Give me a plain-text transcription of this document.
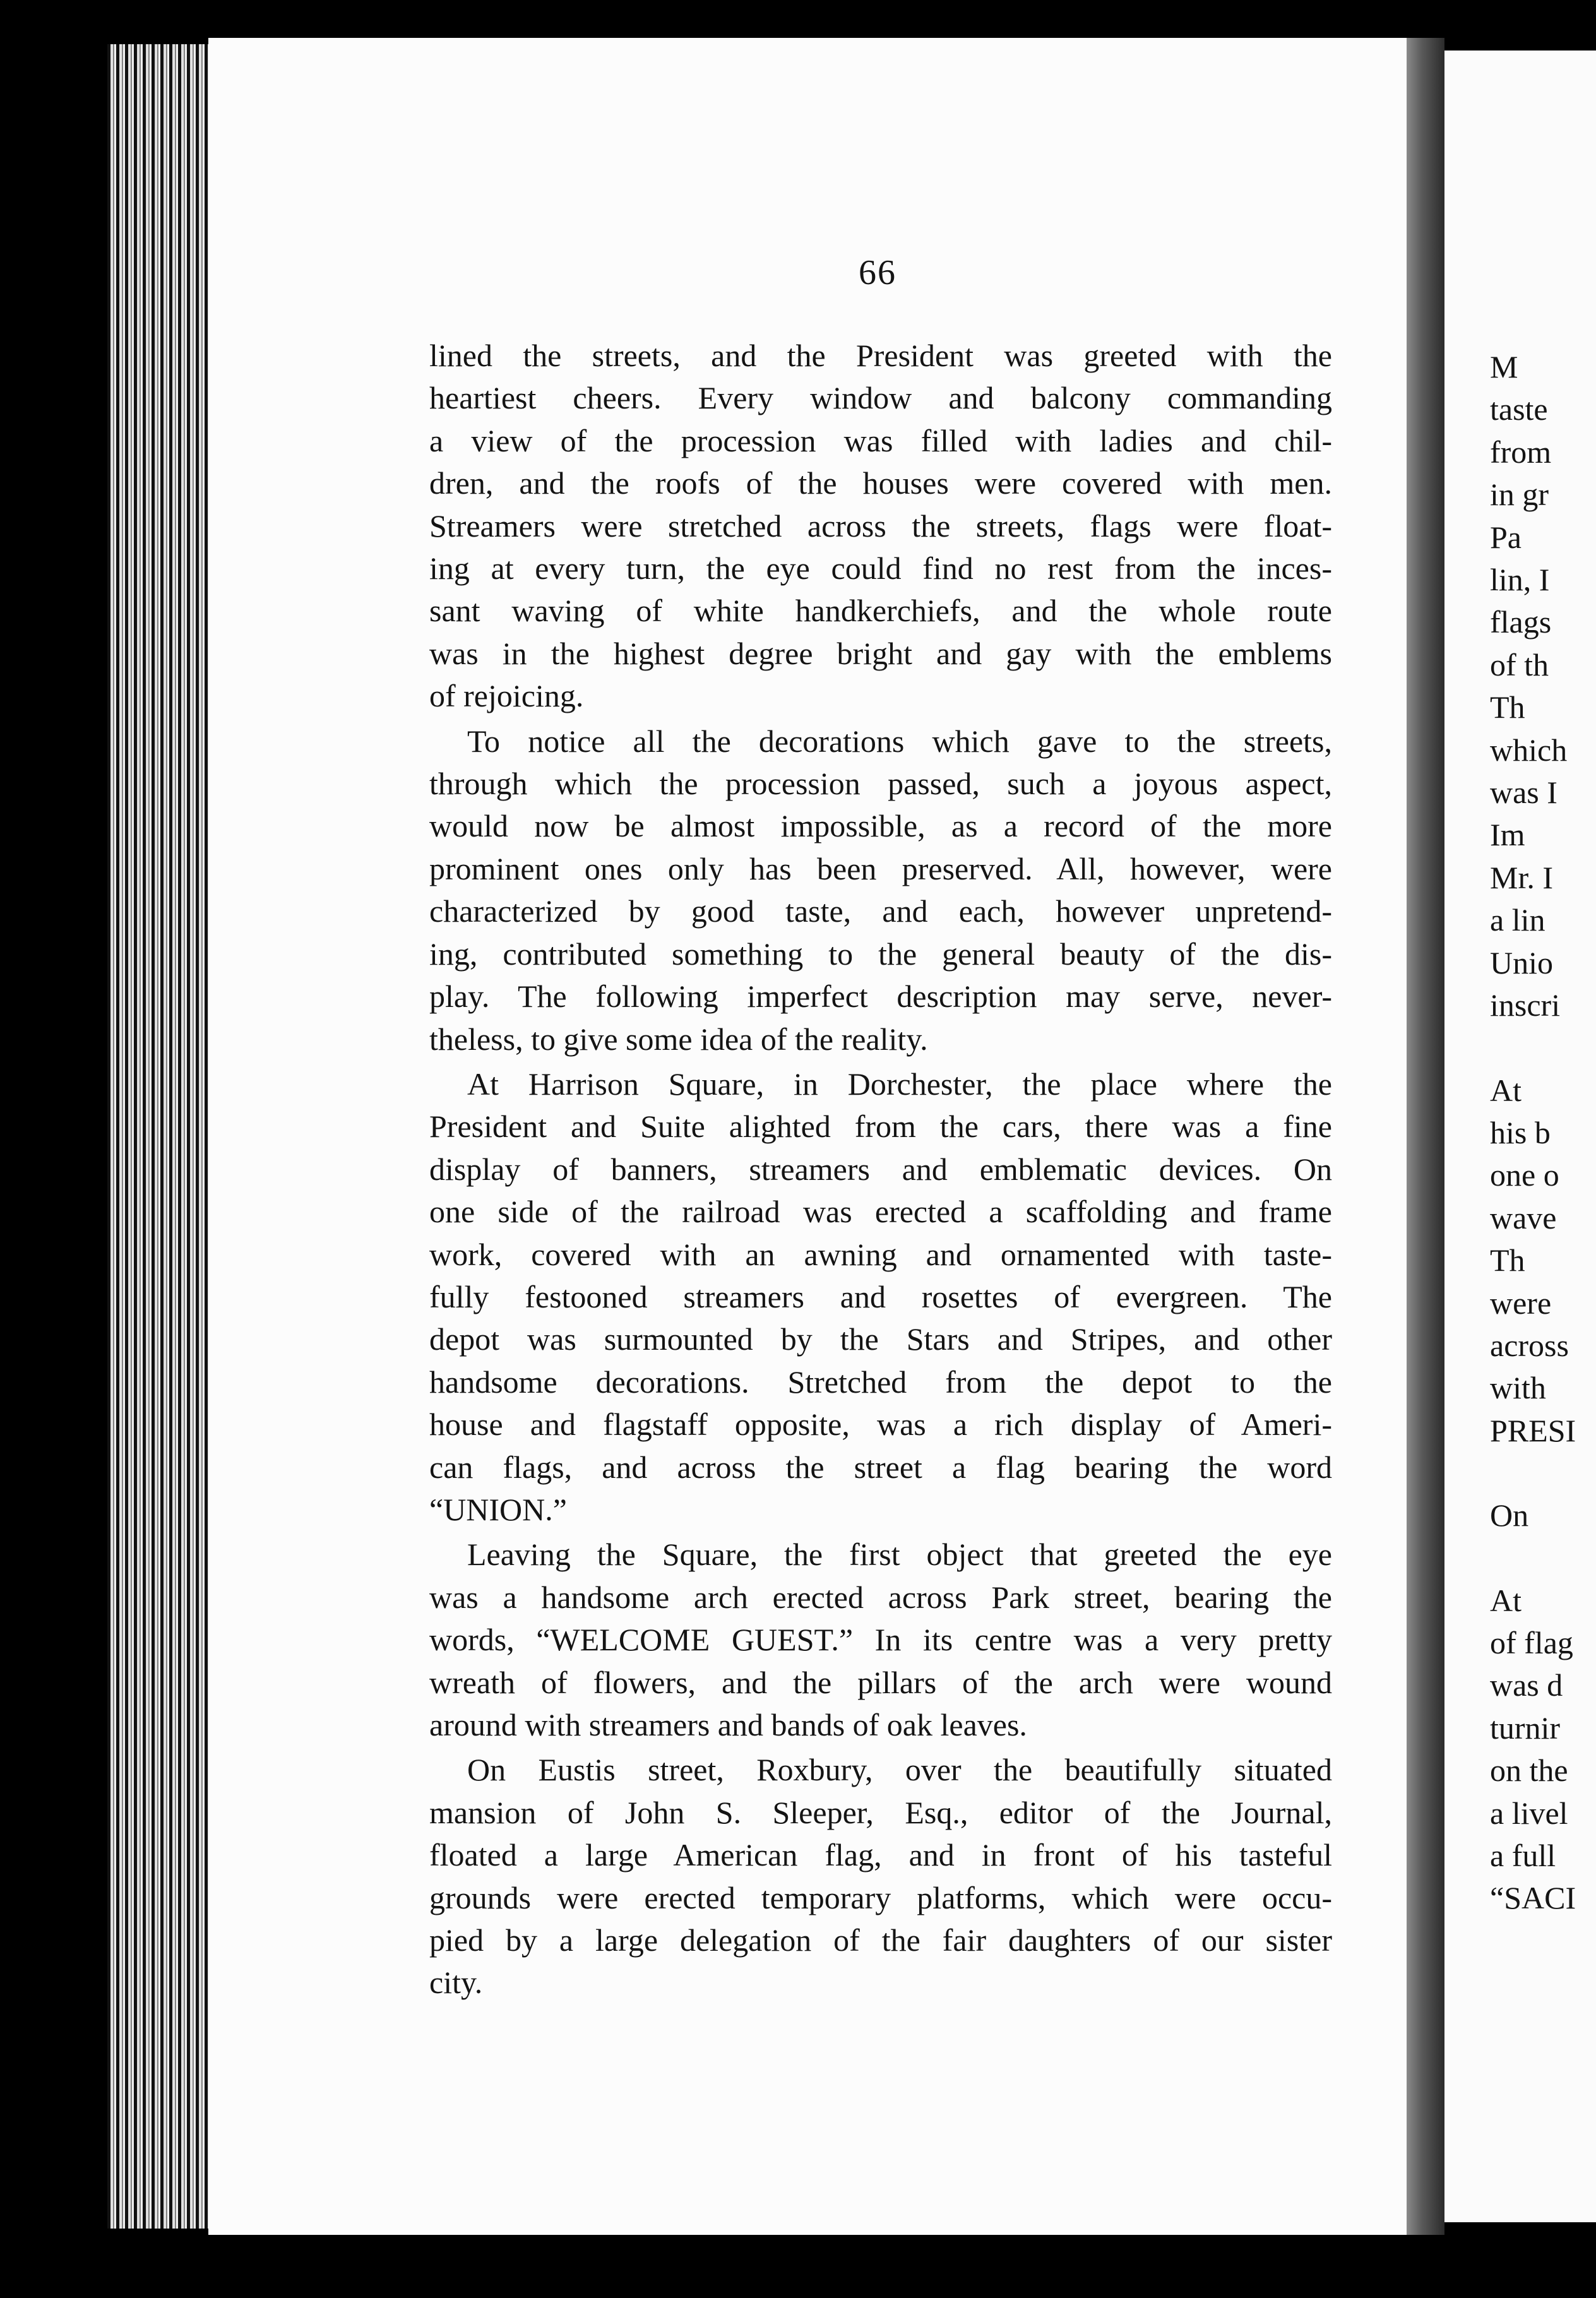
66

lined the streets, and the President was greeted with the
heartiest cheers. Every window and balcony commanding
a view of the procession was filled with ladies and chil-
dren, and the roofs of the houses were covered with men.
Streamers were stretched across the streets, flags were float-
ing at every turn, the eye could find no rest from the inces-
sant waving of white handkerchiefs, and the whole route
was in the highest degree bright and gay with the emblems
of rejoicing.

To notice all the decorations which gave to the streets,
through which the procession passed, such a joyous aspect,
would now be almost impossible, as a record of the more
prominent ones only has been preserved. All, however, were
characterized by good taste, and each, however unpretend-
ing, contributed something to the general beauty of the dis-
play. The following imperfect description may serve, never-
theless, to give some idea of the reality.

At Harrison Square, in Dorchester, the place where the
President and Suite alighted from the cars, there was a fine
display of banners, streamers and emblematic devices. On
one side of the railroad was erected a scaffolding and frame
work, covered with an awning and ornamented with taste-
fully festooned streamers and rosettes of evergreen. The
depot was surmounted by the Stars and Stripes, and other
handsome decorations. Stretched from the depot to the
house and flagstaff opposite, was a rich display of Ameri-
can flags, and across the street a flag bearing the word
“UNION.”

Leaving the Square, the first object that greeted the eye
was a handsome arch erected across Park street, bearing the
words, “WELCOME GUEST.” In its centre was a very pretty
wreath of flowers, and the pillars of the arch were wound
around with streamers and bands of oak leaves.

On Eustis street, Roxbury, over the beautifully situated
mansion of John S. Sleeper, Esq., editor of the Journal,
floated a large American flag, and in front of his tasteful
grounds were erected temporary platforms, which were occu-
pied by a large delegation of the fair daughters of our sister
city.

M
taste
from
in gr
Pa
lin, I
flags
of th
Th
which
was I
Im
Mr. I
a lin
Unio
inscri

At
his b
one o
wave
Th
were
across
with
PRESI

On

At
of flag
was d
turnir
on the
a livel
a full
“SACI
